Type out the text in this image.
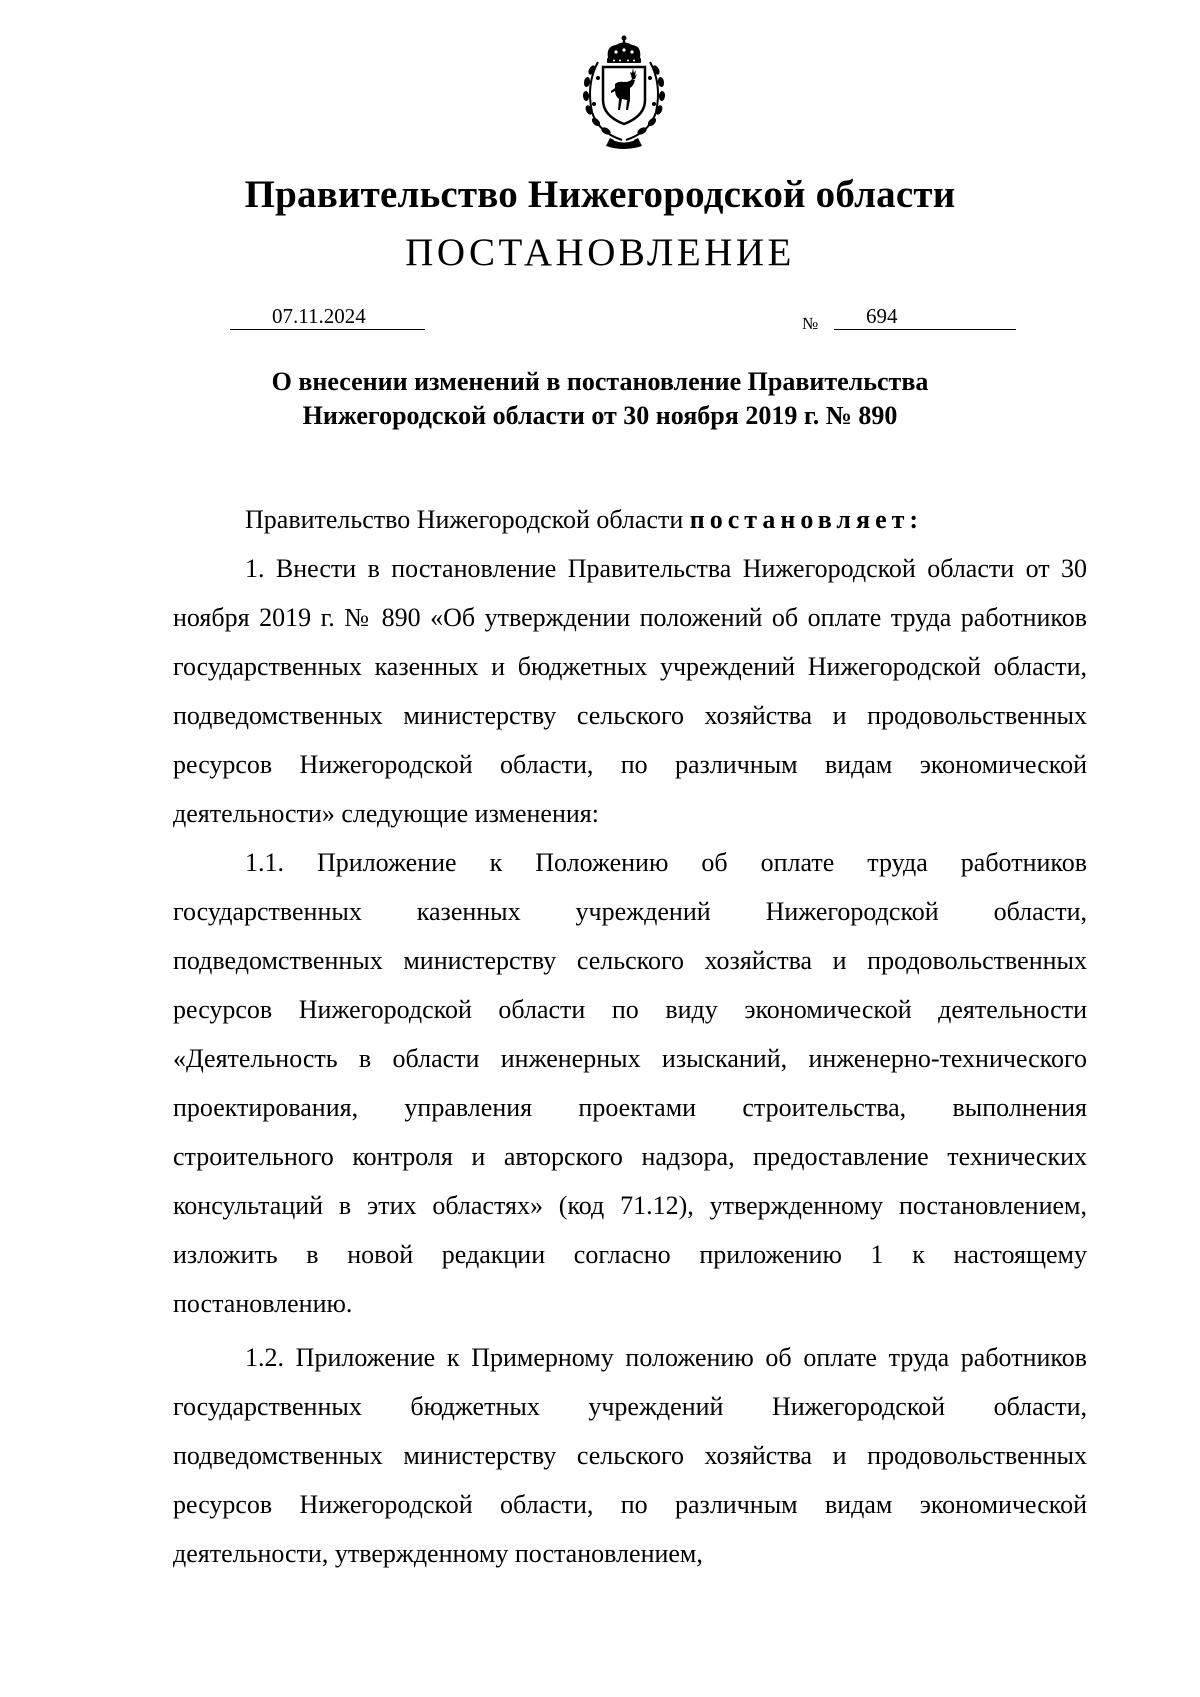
Правительство Нижегородской области
ПОСТАНОВЛЕНИЕ
07.11.2024	№	694
О внесении изменений в постановление Правительства
Нижегородской области от 30 ноября 2019 г. № 890

Правительство Нижегородской области постановляет:

1. Внести в постановление Правительства Нижегородской области от 30 ноября 2019 г. № 890 «Об утверждении положений об оплате труда работников государственных казенных и бюджетных учреждений Нижегородской области, подведомственных министерству сельского хозяйства и продовольственных ресурсов Нижегородской области, по различным видам экономической деятельности» следующие изменения:

1.1. Приложение к Положению об оплате труда работников государственных казенных учреждений Нижегородской области, подведомственных министерству сельского хозяйства и продовольственных ресурсов Нижегородской области по виду экономической деятельности «Деятельность в области инженерных изысканий, инженерно-технического проектирования, управления проектами строительства, выполнения строительного контроля и авторского надзора, предоставление технических консультаций в этих областях» (код 71.12), утвержденному постановлением, изложить в новой редакции согласно приложению 1 к настоящему постановлению.

1.2. Приложение к Примерному положению об оплате труда работников государственных бюджетных учреждений Нижегородской области, подведомственных министерству сельского хозяйства и продовольственных ресурсов Нижегородской области, по различным видам экономической деятельности, утвержденному постановлением,
